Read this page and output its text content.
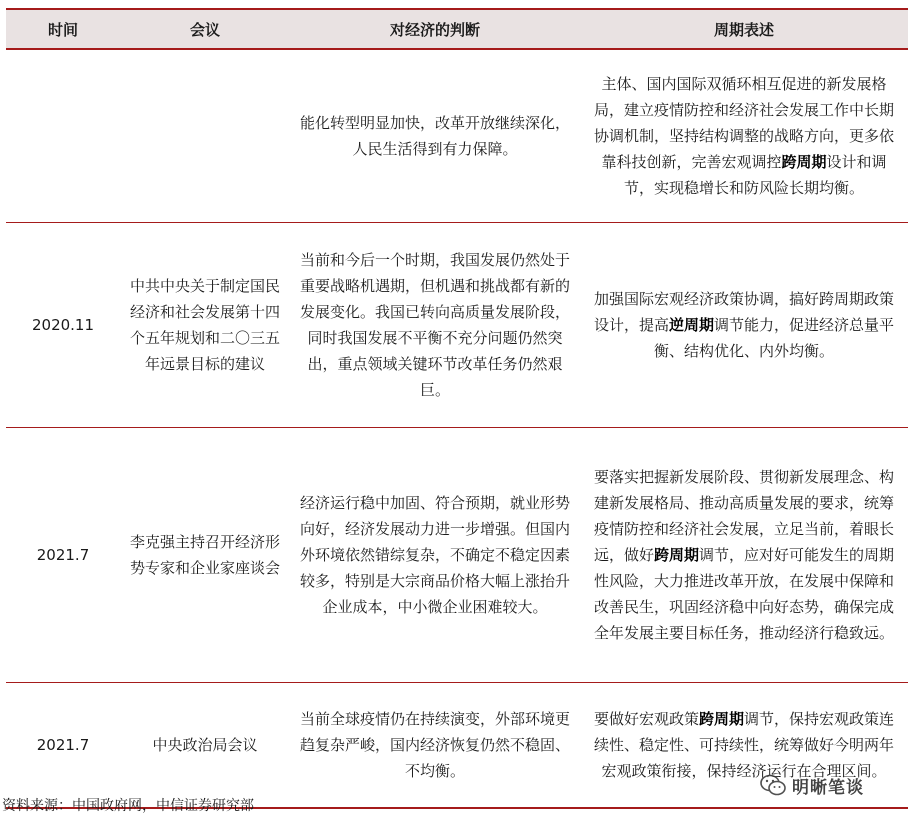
时间	会议	对经济的判断	周期表述
		能化转型明显加快，改革开放继续深化，人民生活得到有力保障。	主体、国内国际双循环相互促进的新发展格局，建立疫情防控和经济社会发展工作中长期协调机制，坚持结构调整的战略方向，更多依靠科技创新，完善宏观调控跨周期设计和调节，实现稳增长和防风险长期均衡。
2020.11	中共中央关于制定国民经济和社会发展第十四个五年规划和二〇三五年远景目标的建议	当前和今后一个时期，我国发展仍然处于重要战略机遇期，但机遇和挑战都有新的发展变化。我国已转向高质量发展阶段，同时我国发展不平衡不充分问题仍然突出，重点领域关键环节改革任务仍然艰巨。	加强国际宏观经济政策协调，搞好跨周期政策设计，提高逆周期调节能力，促进经济总量平衡、结构优化、内外均衡。
2021.7	李克强主持召开经济形势专家和企业家座谈会	经济运行稳中加固、符合预期，就业形势向好，经济发展动力进一步增强。但国内外环境依然错综复杂，不确定不稳定因素较多，特别是大宗商品价格大幅上涨抬升企业成本，中小微企业困难较大。	要落实把握新发展阶段、贯彻新发展理念、构建新发展格局、推动高质量发展的要求，统筹疫情防控和经济社会发展，立足当前，着眼长远，做好跨周期调节，应对好可能发生的周期性风险，大力推进改革开放，在发展中保障和改善民生，巩固经济稳中向好态势，确保完成全年发展主要目标任务，推动经济行稳致远。
2021.7	中央政治局会议	当前全球疫情仍在持续演变，外部环境更趋复杂严峻，国内经济恢复仍然不稳固、不均衡。	要做好宏观政策跨周期调节，保持宏观政策连续性、稳定性、可持续性，统筹做好今明两年宏观政策衔接，保持经济运行在合理区间。
资料来源：中国政府网，中信证券研究部
明晰笔谈
